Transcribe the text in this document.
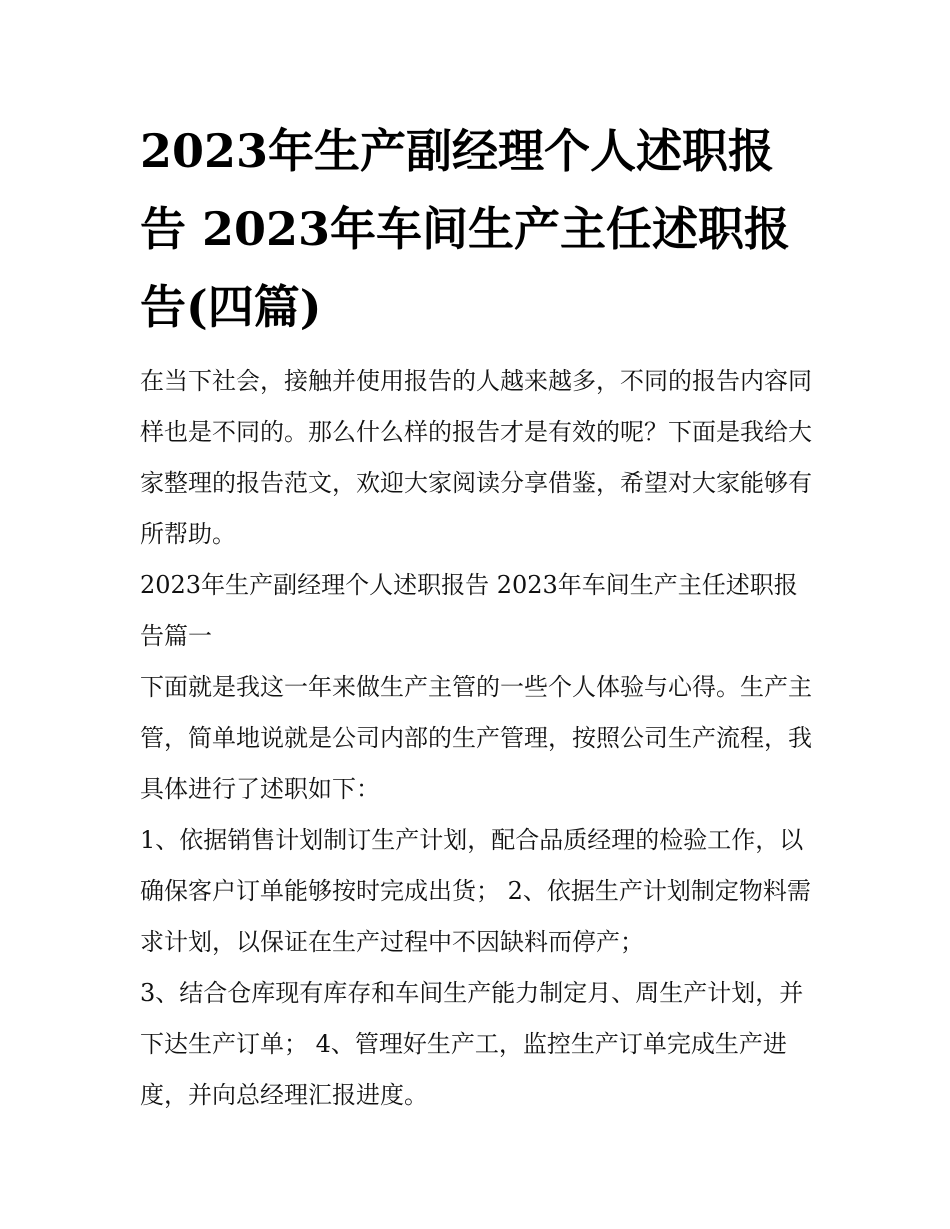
2023年生产副经理个人述职报告 2023年车间生产主任述职报告(四篇)

在当下社会，接触并使用报告的人越来越多，不同的报告内容同样也是不同的。那么什么样的报告才是有效的呢？下面是我给大家整理的报告范文，欢迎大家阅读分享借鉴，希望对大家能够有所帮助。

2023年生产副经理个人述职报告 2023年车间生产主任述职报告篇一

下面就是我这一年来做生产主管的一些个人体验与心得。生产主管，简单地说就是公司内部的生产管理，按照公司生产流程，我具体进行了述职如下：

1、依据销售计划制订生产计划，配合品质经理的检验工作，以确保客户订单能够按时完成出货； 2、依据生产计划制定物料需求计划，以保证在生产过程中不因缺料而停产；

3、结合仓库现有库存和车间生产能力制定月、周生产计划，并下达生产订单； 4、管理好生产工，监控生产订单完成生产进度，并向总经理汇报进度。
